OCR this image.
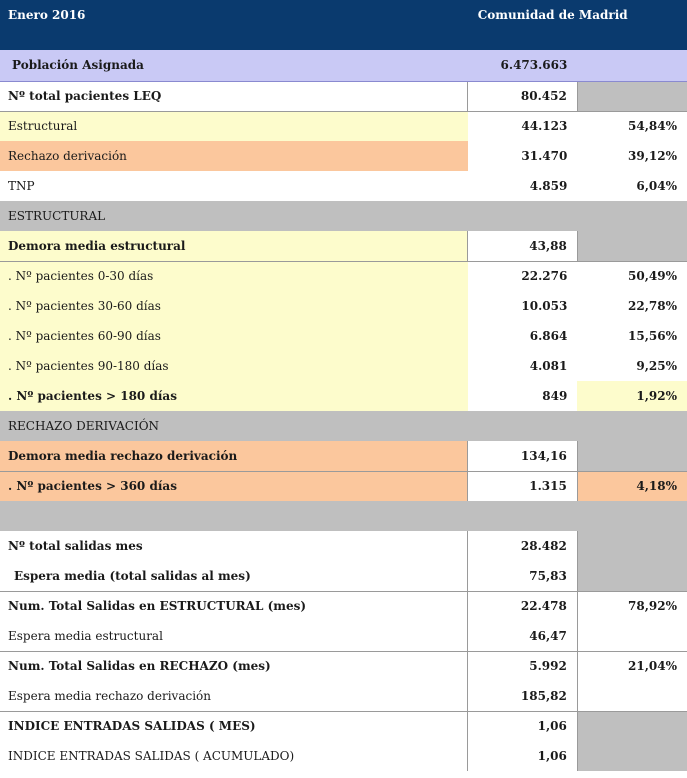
Enero 2016	Comunidad de Madrid	
Población Asignada	6.473.663	
Nº total pacientes LEQ	80.452	
Estructural	44.123	54,84%
Rechazo derivación	31.470	39,12%
TNP	4.859	6,04%
ESTRUCTURAL		
Demora media estructural	43,88	
. Nº pacientes 0-30 días	22.276	50,49%
. Nº pacientes 30-60 días	10.053	22,78%
. Nº pacientes 60-90 días	6.864	15,56%
. Nº pacientes 90-180 días	4.081	9,25%
. Nº pacientes > 180 días	849	1,92%
RECHAZO DERIVACIÓN		
Demora media rechazo derivación	134,16	
. Nº pacientes > 360 días	1.315	4,18%

Nº total salidas mes	28.482	
Espera media (total salidas al mes)	75,83	
Num. Total Salidas en ESTRUCTURAL (mes)	22.478	78,92%
Espera media estructural	46,47	
Num. Total Salidas en RECHAZO (mes)	5.992	21,04%
Espera media rechazo derivación	185,82	
INDICE ENTRADAS SALIDAS ( MES)	1,06	
INDICE ENTRADAS SALIDAS ( ACUMULADO)	1,06	
